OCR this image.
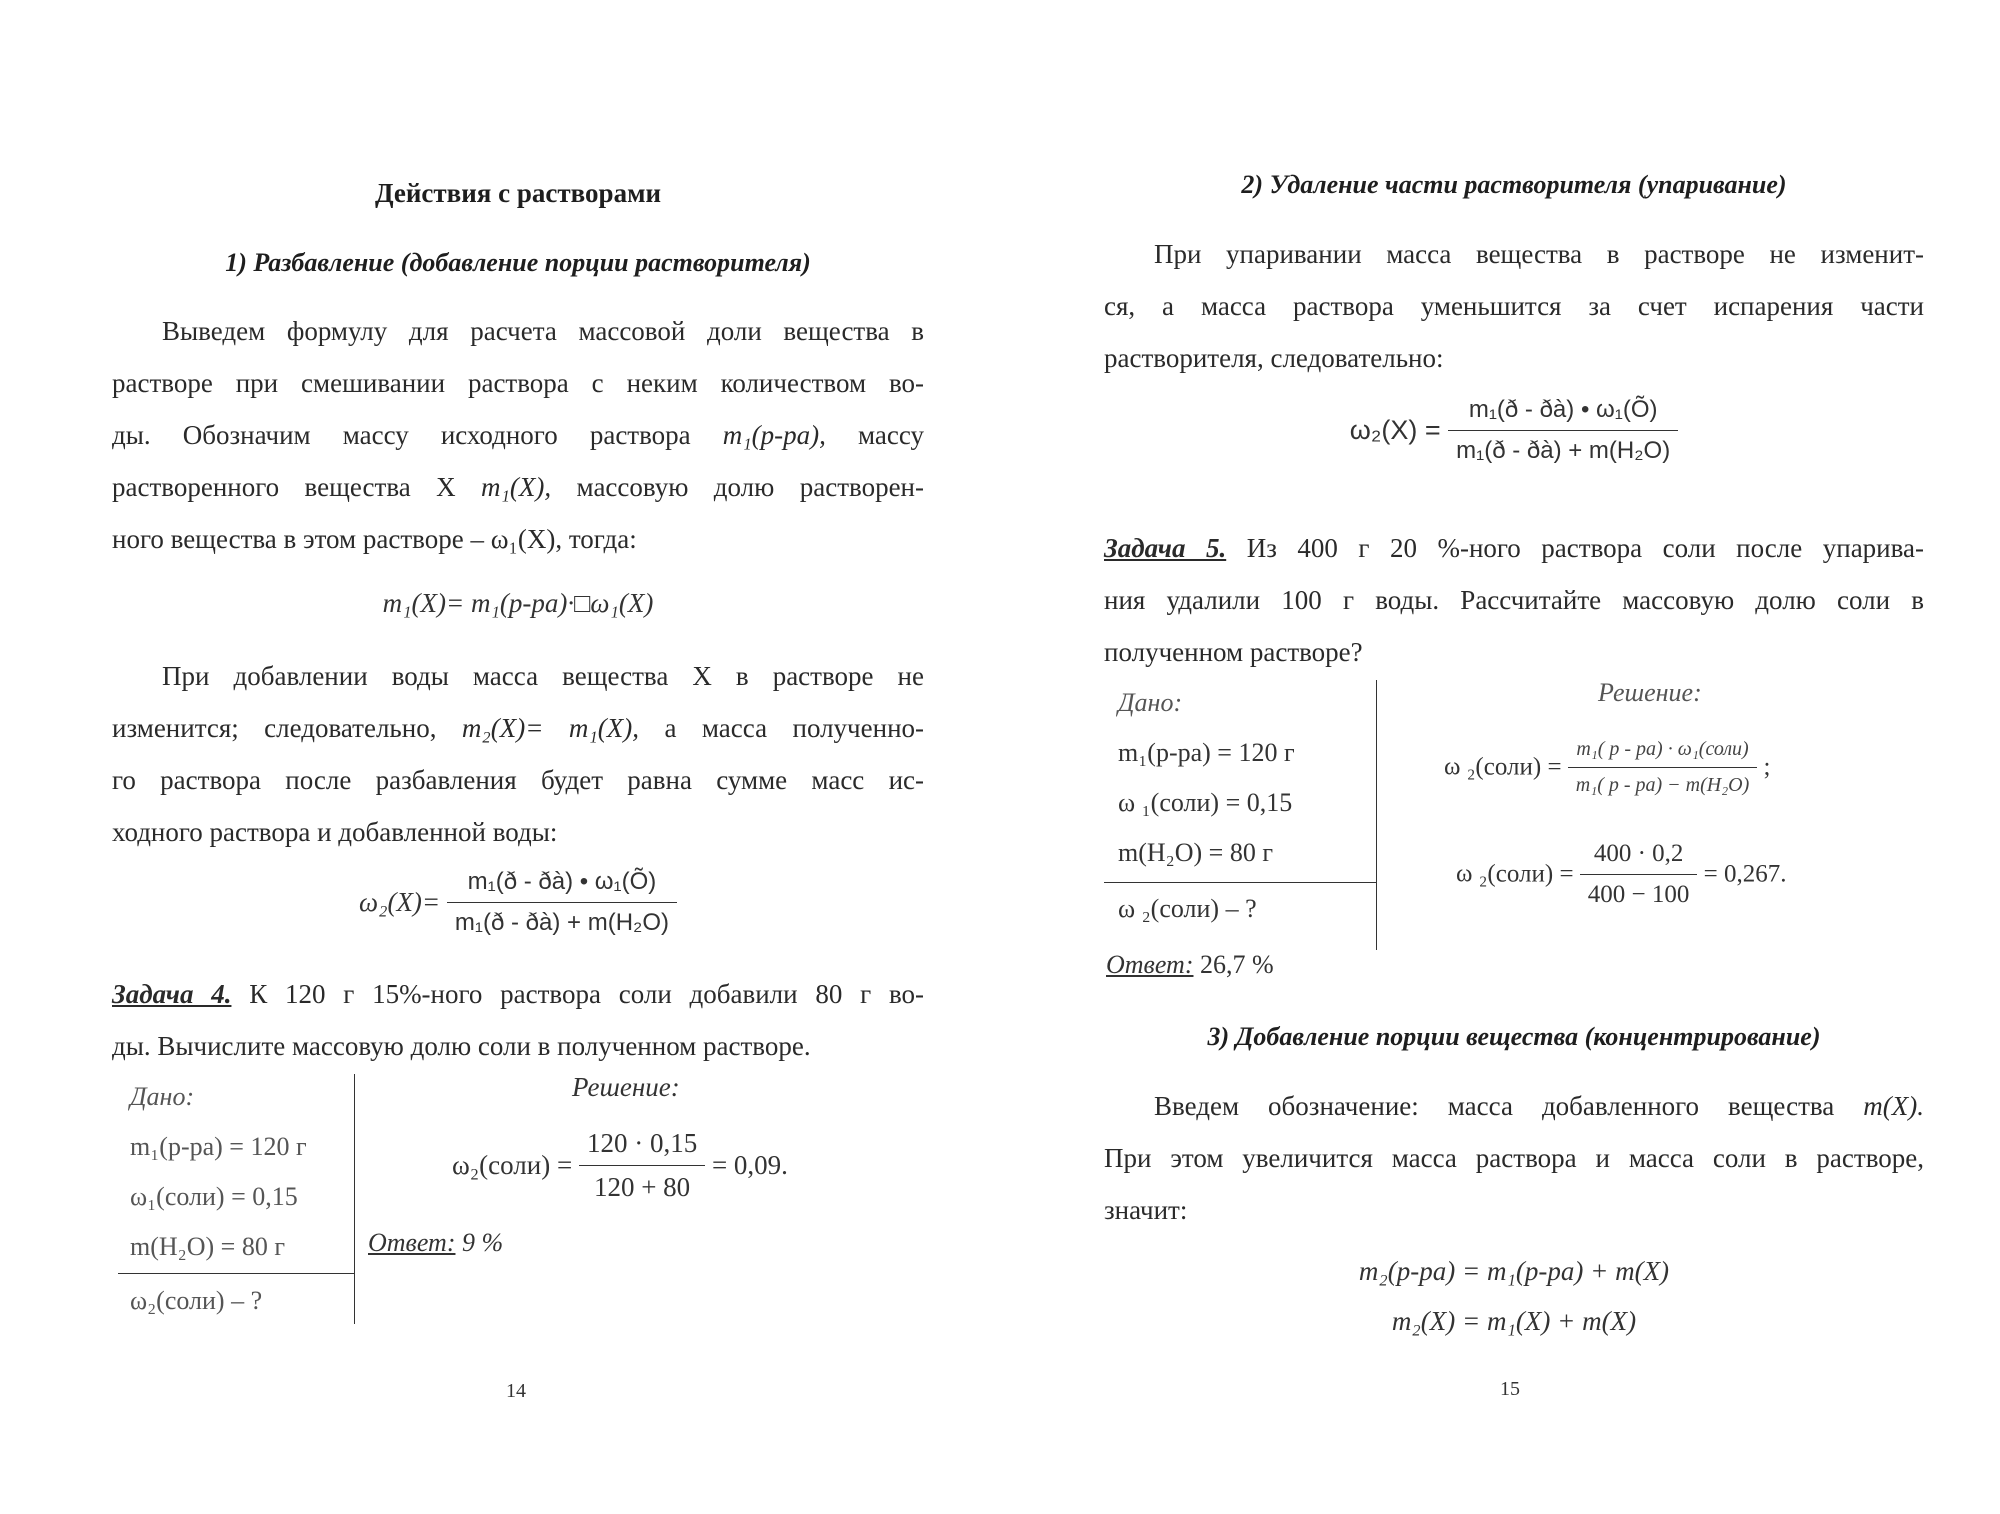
Действия с растворами
1) Разбавление (добавление порции растворителя)
Выведем формулу для расчета массовой доли вещества в
растворе при смешивании раствора с неким количеством во-
ды. Обозначим массу исходного раствора m₁(р-ра), массу
растворенного вещества Х m₁(X), массовую долю растворен-
ного вещества в этом растворе – ω₁(X), тогда:
m₁(X)= m₁(р-ра)·□ω₁(X)
При добавлении воды масса вещества Х в растворе не
изменится; следовательно, m₂(X)= m₁(X), а масса полученно-
го раствора после разбавления будет равна сумме масс ис-
ходного раствора и добавленной воды:
$\omega_2(X)= \frac{\text{m₁(ð - ðà) • ω₁(Õ)}}{\text{m₁(ð - ðà) + m(H₂O)}}$
Задача 4. К 120 г 15%-ного раствора соли добавили 80 г во-
ды. Вычислите массовую долю соли в полученном растворе.
Дано:
m₁(р-ра) = 120 г
ω₁(соли) = 0,15
m(H₂O) = 80 г
ω₂(соли) – ?
Решение:
ω₂(соли) = $\frac{120 \cdot 0,15}{120 + 80} = 0,09$.
Ответ: 9 %
14
2) Удаление части растворителя (упаривание)
При упаривании масса вещества в растворе не изменит-
ся, а масса раствора уменьшится за счет испарения части
растворителя, следовательно:
$\omega_2(X) = \frac{\text{m₁(ð - ðà) • ω₁(Õ)}}{\text{m₁(ð - ðà) + m(H₂O)}}$
Задача 5. Из 400 г 20 %-ного раствора соли после упарива-
ния удалили 100 г воды. Рассчитайте массовую долю соли в
полученном растворе?
Дано:
m₁(р-ра) = 120 г
ω ₁(соли) = 0,15
m(H₂O) = 80 г
ω ₂(соли) – ?
Решение:
ω ₂(соли) = $\frac{\text{m₁( р - ра) · ω₁(соли)}}{\text{m₁( р - ра) − m(H₂O)}}$ ;
ω ₂(соли) = $\frac{400 \cdot 0,2}{400 - 100} = 0,267$.
Ответ: 26,7 %
3) Добавление порции вещества (концентрирование)
Введем обозначение: масса добавленного вещества m(X).
При этом увеличится масса раствора и масса соли в растворе,
значит:
m₂(р-ра) = m₁(р-ра) + m(X)
m₂(X) = m₁(X) + m(X)
15
